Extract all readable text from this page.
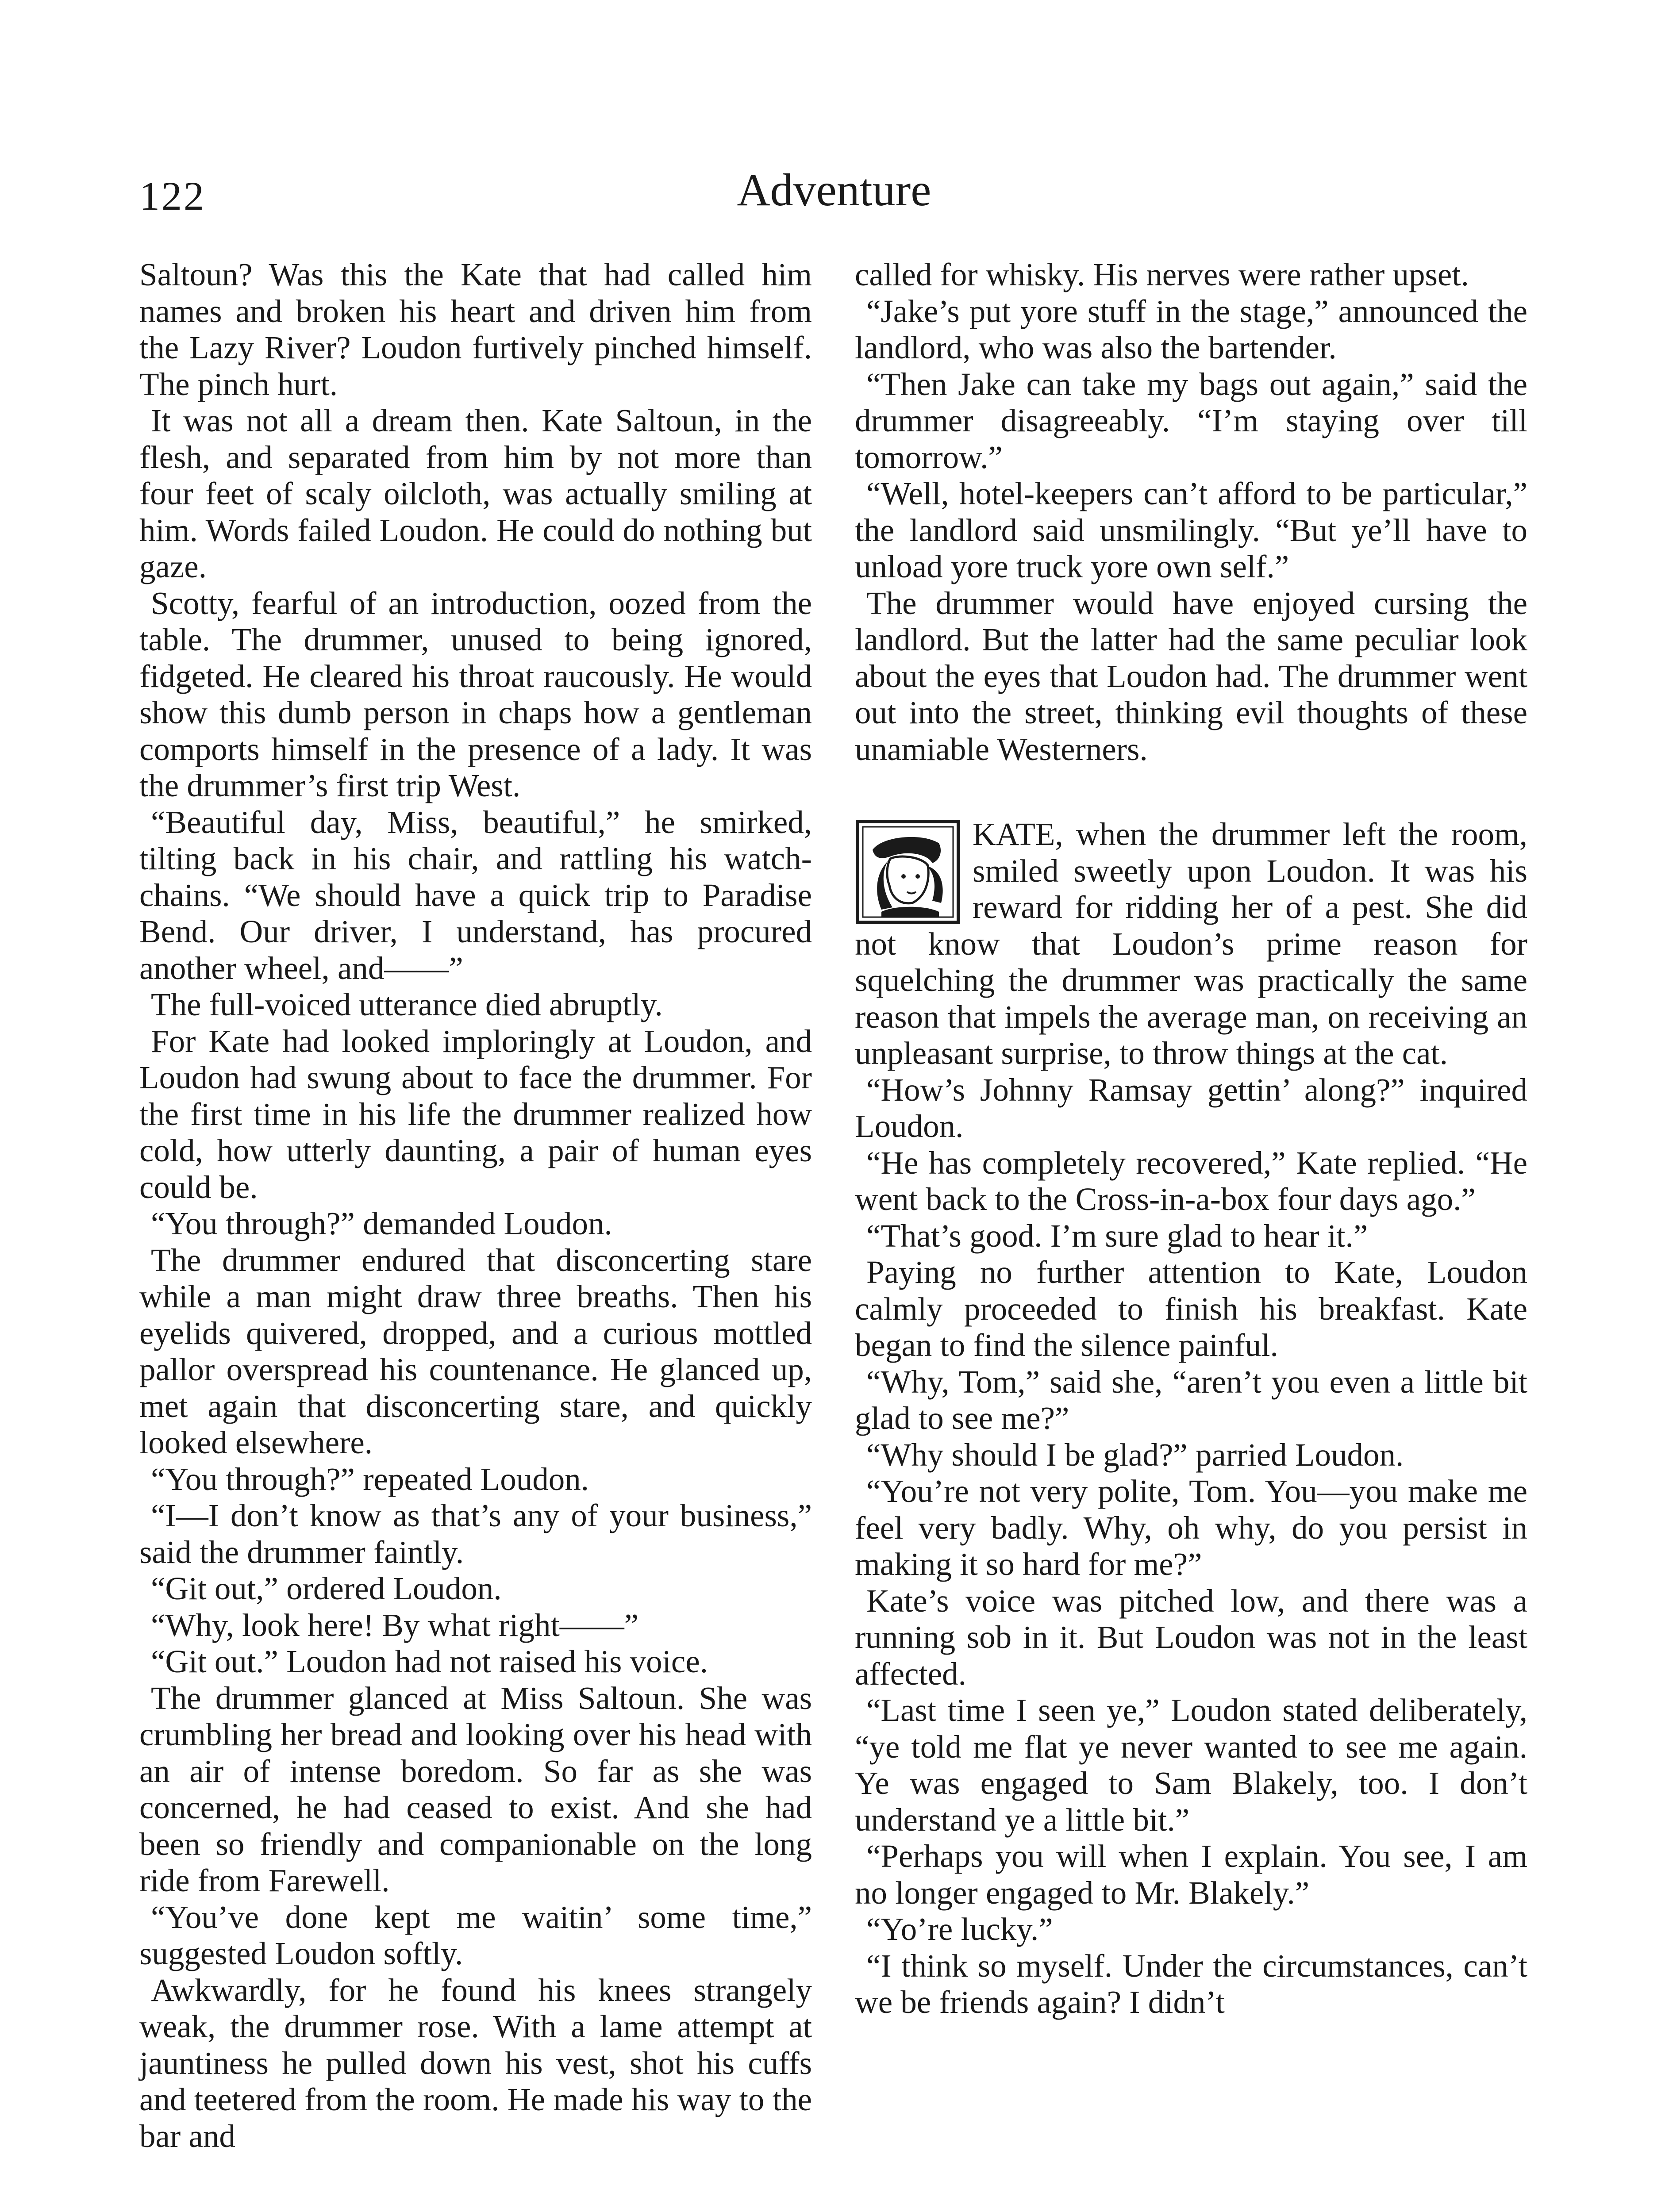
122	Adventure

Saltoun? Was this the Kate that had called him names and broken his heart and driven him from the Lazy River? Loudon furtively pinched himself. The pinch hurt.

It was not all a dream then. Kate Saltoun, in the flesh, and separated from him by not more than four feet of scaly oilcloth, was actually smiling at him. Words failed Loudon. He could do nothing but gaze.

Scotty, fearful of an introduction, oozed from the table. The drummer, unused to being ignored, fidgeted. He cleared his throat raucously. He would show this dumb person in chaps how a gentleman comports himself in the presence of a lady. It was the drummer’s first trip West.

“Beautiful day, Miss, beautiful,” he smirked, tilting back in his chair, and rattling his watch-chains. “We should have a quick trip to Paradise Bend. Our driver, I understand, has procured another wheel, and——”

The full-voiced utterance died abruptly.

For Kate had looked imploringly at Loudon, and Loudon had swung about to face the drummer. For the first time in his life the drummer realized how cold, how utterly daunting, a pair of human eyes could be.

“You through?” demanded Loudon.

The drummer endured that disconcerting stare while a man might draw three breaths. Then his eyelids quivered, dropped, and a curious mottled pallor overspread his countenance. He glanced up, met again that disconcerting stare, and quickly looked elsewhere.

“You through?” repeated Loudon.

“I—I don’t know as that’s any of your business,” said the drummer faintly.

“Git out,” ordered Loudon.

“Why, look here! By what right——”

“Git out.” Loudon had not raised his voice.

The drummer glanced at Miss Saltoun. She was crumbling her bread and looking over his head with an air of intense boredom. So far as she was concerned, he had ceased to exist. And she had been so friendly and companionable on the long ride from Farewell.

“You’ve done kept me waitin’ some time,” suggested Loudon softly.

Awkwardly, for he found his knees strangely weak, the drummer rose. With a lame attempt at jauntiness he pulled down his vest, shot his cuffs and teetered from the room. He made his way to the bar and

called for whisky. His nerves were rather upset.

“Jake’s put yore stuff in the stage,” announced the landlord, who was also the bartender.

“Then Jake can take my bags out again,” said the drummer disagreeably. “I’m staying over till tomorrow.”

“Well, hotel-keepers can’t afford to be particular,” the landlord said unsmilingly. “But ye’ll have to unload yore truck yore own self.”

The drummer would have enjoyed cursing the landlord. But the latter had the same peculiar look about the eyes that Loudon had. The drummer went out into the street, thinking evil thoughts of these unamiable Westerners.

KATE, when the drummer left the room, smiled sweetly upon Loudon. It was his reward for ridding her of a pest. She did not know that Loudon’s prime reason for squelching the drummer was practically the same reason that impels the average man, on receiving an unpleasant surprise, to throw things at the cat.

“How’s Johnny Ramsay gettin’ along?” inquired Loudon.

“He has completely recovered,” Kate replied. “He went back to the Cross-in-a-box four days ago.”

“That’s good. I’m sure glad to hear it.”

Paying no further attention to Kate, Loudon calmly proceeded to finish his breakfast. Kate began to find the silence painful.

“Why, Tom,” said she, “aren’t you even a little bit glad to see me?”

“Why should I be glad?” parried Loudon.

“You’re not very polite, Tom. You—you make me feel very badly. Why, oh why, do you persist in making it so hard for me?”

Kate’s voice was pitched low, and there was a running sob in it. But Loudon was not in the least affected.

“Last time I seen ye,” Loudon stated deliberately, “ye told me flat ye never wanted to see me again. Ye was engaged to Sam Blakely, too. I don’t understand ye a little bit.”

“Perhaps you will when I explain. You see, I am no longer engaged to Mr. Blakely.”

“Yo’re lucky.”

“I think so myself. Under the circumstances, can’t we be friends again? I didn’t
